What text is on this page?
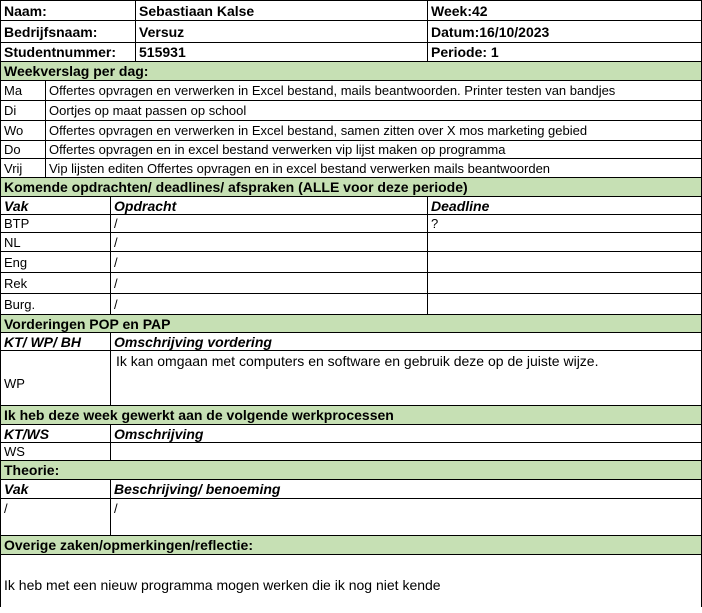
Naam:			Sebastiaan Kalse	Week:42
Bedrijfsnaam:			Versuz	Datum:16/10/2023
Studentnummer:			515931	Periode: 1
Weekverslag per dag:				
Ma	Offertes opvragen en verwerken in Excel bestand, mails beantwoorden. Printer testen van bandjes			
Di	Oortjes op maat passen op school			
Wo	Offertes opvragen en verwerken in Excel bestand, samen zitten over X mos marketing gebied			
Do	Offertes opvragen en in excel bestand verwerken vip lijst maken op programma			
Vrij	Vip lijsten editen Offertes opvragen en in excel bestand verwerken mails beantwoorden			
Komende opdrachten/ deadlines/ afspraken (ALLE voor deze periode)				
Vak		Opdracht		Deadline
BTP		/		?
NL		/		
Eng		/		
Rek		/		
Burg.		/		
Vorderingen POP en PAP				
KT/ WP/ BH		Omschrijving vordering		
WP		Ik kan omgaan met computers en software en gebruik deze op de juiste wijze.		
Ik heb deze week gewerkt aan de volgende werkprocessen				
KT/WS		Omschrijving		
WS				
Theorie:				
Vak		Beschrijving/ benoeming		
/		/		
Overige zaken/opmerkingen/reflectie:				
Ik heb met een nieuw programma mogen werken die ik nog niet kende				
